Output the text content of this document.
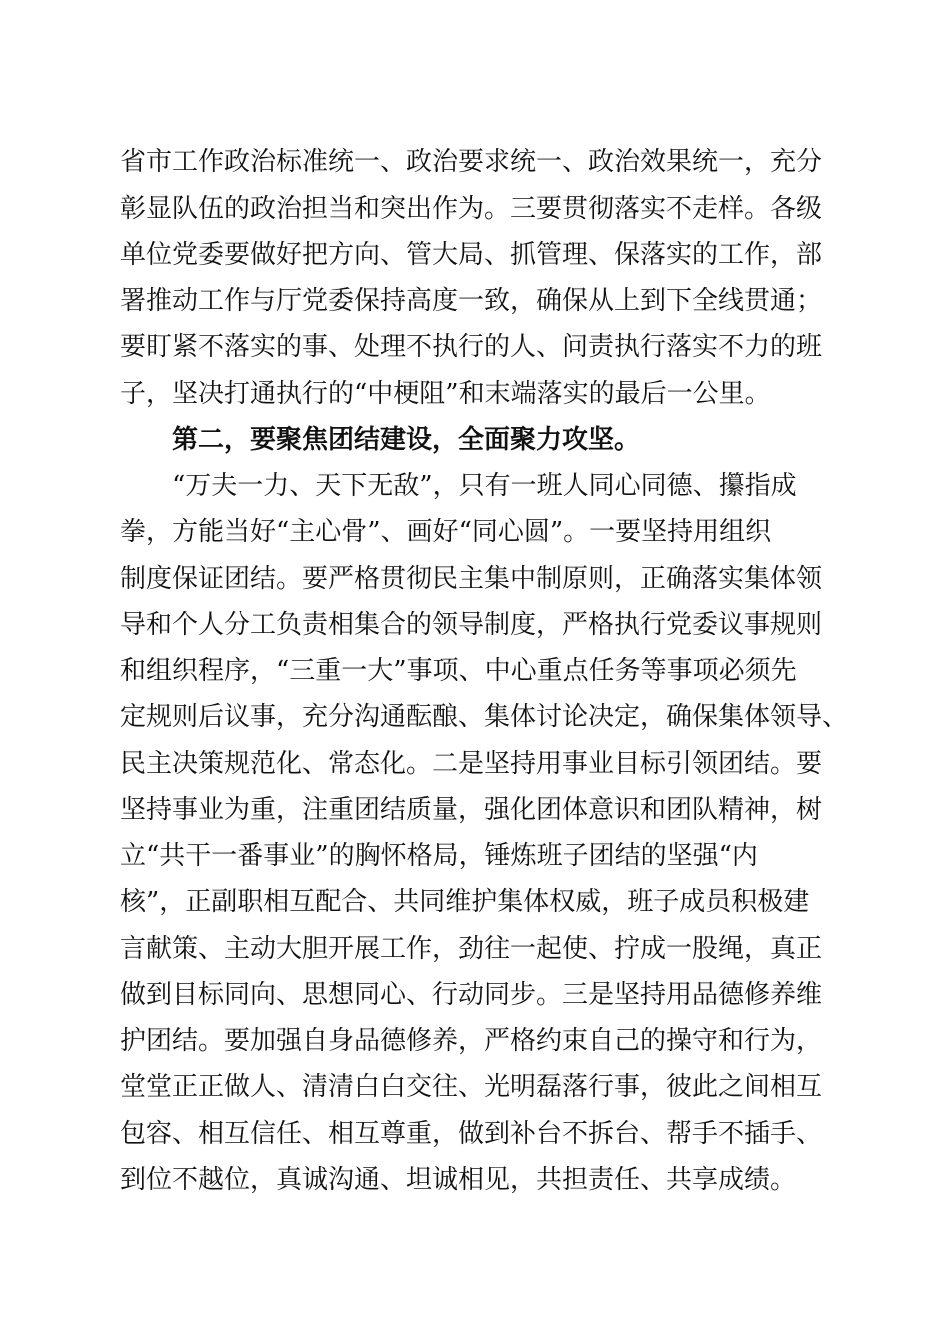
省市工作政治标准统一、政治要求统一、政治效果统一，充分
彰显队伍的政治担当和突出作为。三要贯彻落实不走样。各级
单位党委要做好把方向、管大局、抓管理、保落实的工作，部
署推动工作与厅党委保持高度一致，确保从上到下全线贯通；
要盯紧不落实的事、处理不执行的人、问责执行落实不力的班
子，坚决打通执行的“中梗阻”和末端落实的最后一公里。
第二，要聚焦团结建设，全面聚力攻坚。
“万夫一力、天下无敌”，只有一班人同心同德、攥指成
拳，方能当好“主心骨”、画好“同心圆”。一要坚持用组织
制度保证团结。要严格贯彻民主集中制原则，正确落实集体领
导和个人分工负责相集合的领导制度，严格执行党委议事规则
和组织程序，“三重一大”事项、中心重点任务等事项必须先
定规则后议事，充分沟通酝酿、集体讨论决定，确保集体领导、
民主决策规范化、常态化。二是坚持用事业目标引领团结。要
坚持事业为重，注重团结质量，强化团体意识和团队精神，树
立“共干一番事业”的胸怀格局，锤炼班子团结的坚强“内
核”，正副职相互配合、共同维护集体权威，班子成员积极建
言献策、主动大胆开展工作，劲往一起使、拧成一股绳，真正
做到目标同向、思想同心、行动同步。三是坚持用品德修养维
护团结。要加强自身品德修养，严格约束自己的操守和行为，
堂堂正正做人、清清白白交往、光明磊落行事，彼此之间相互
包容、相互信任、相互尊重，做到补台不拆台、帮手不插手、
到位不越位，真诚沟通、坦诚相见，共担责任、共享成绩。
